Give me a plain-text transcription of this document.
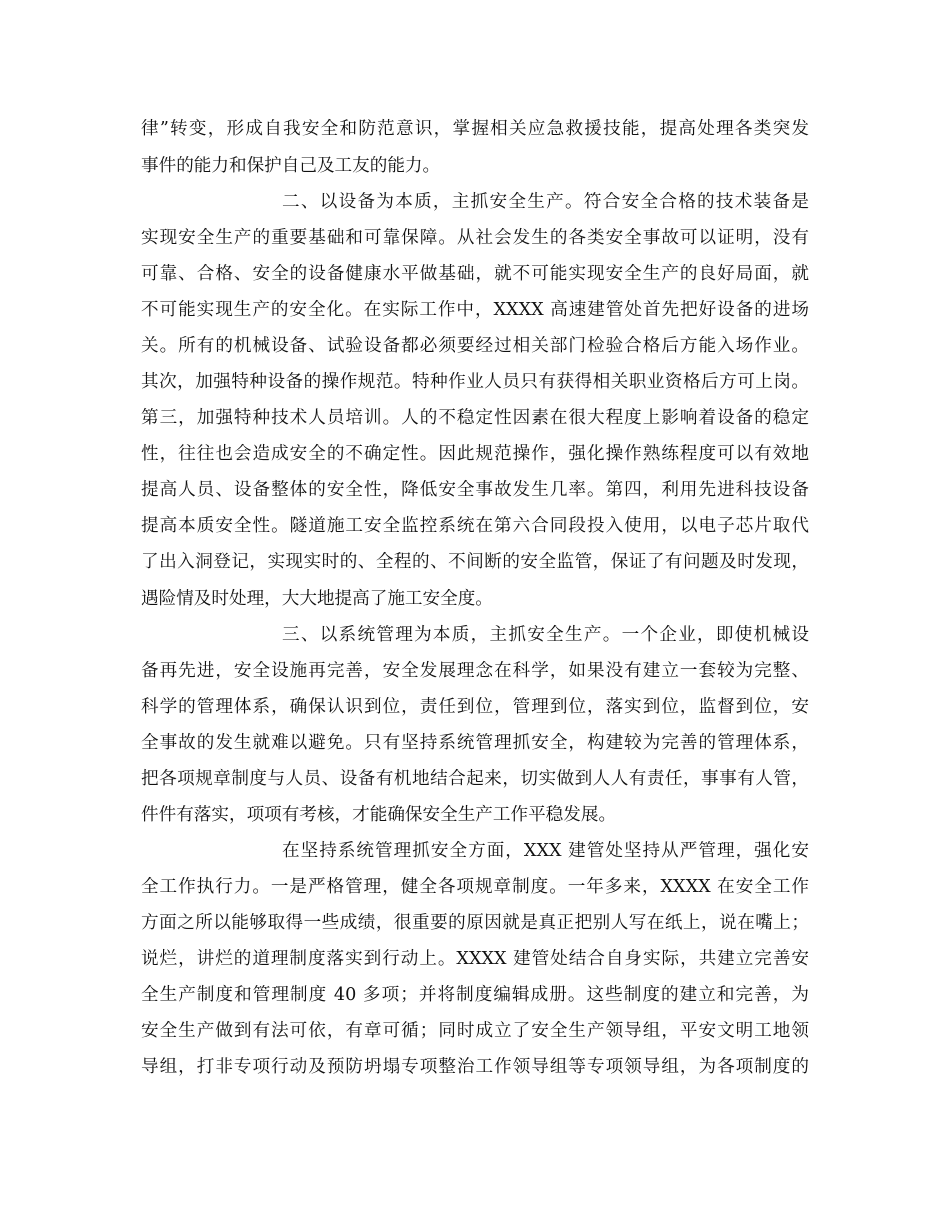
律”转变，形成自我安全和防范意识，掌握相关应急救援技能，提高处理各类突发
事件的能力和保护自己及工友的能力。
二、以设备为本质，主抓安全生产。符合安全合格的技术装备是
实现安全生产的重要基础和可靠保障。从社会发生的各类安全事故可以证明，没有
可靠、合格、安全的设备健康水平做基础，就不可能实现安全生产的良好局面，就
不可能实现生产的安全化。在实际工作中，XXXX 高速建管处首先把好设备的进场
关。所有的机械设备、试验设备都必须要经过相关部门检验合格后方能入场作业。
其次，加强特种设备的操作规范。特种作业人员只有获得相关职业资格后方可上岗。
第三，加强特种技术人员培训。人的不稳定性因素在很大程度上影响着设备的稳定
性，往往也会造成安全的不确定性。因此规范操作，强化操作熟练程度可以有效地
提高人员、设备整体的安全性，降低安全事故发生几率。第四，利用先进科技设备
提高本质安全性。隧道施工安全监控系统在第六合同段投入使用，以电子芯片取代
了出入洞登记，实现实时的、全程的、不间断的安全监管，保证了有问题及时发现，
遇险情及时处理，大大地提高了施工安全度。
三、以系统管理为本质，主抓安全生产。一个企业，即使机械设
备再先进，安全设施再完善，安全发展理念在科学，如果没有建立一套较为完整、
科学的管理体系，确保认识到位，责任到位，管理到位，落实到位，监督到位，安
全事故的发生就难以避免。只有坚持系统管理抓安全，构建较为完善的管理体系，
把各项规章制度与人员、设备有机地结合起来，切实做到人人有责任，事事有人管，
件件有落实，项项有考核，才能确保安全生产工作平稳发展。
在坚持系统管理抓安全方面，XXX 建管处坚持从严管理，强化安
全工作执行力。一是严格管理，健全各项规章制度。一年多来，XXXX 在安全工作
方面之所以能够取得一些成绩，很重要的原因就是真正把别人写在纸上，说在嘴上；
说烂，讲烂的道理制度落实到行动上。XXXX 建管处结合自身实际，共建立完善安
全生产制度和管理制度 40 多项；并将制度编辑成册。这些制度的建立和完善，为
安全生产做到有法可依，有章可循；同时成立了安全生产领导组，平安文明工地领
导组，打非专项行动及预防坍塌专项整治工作领导组等专项领导组，为各项制度的
